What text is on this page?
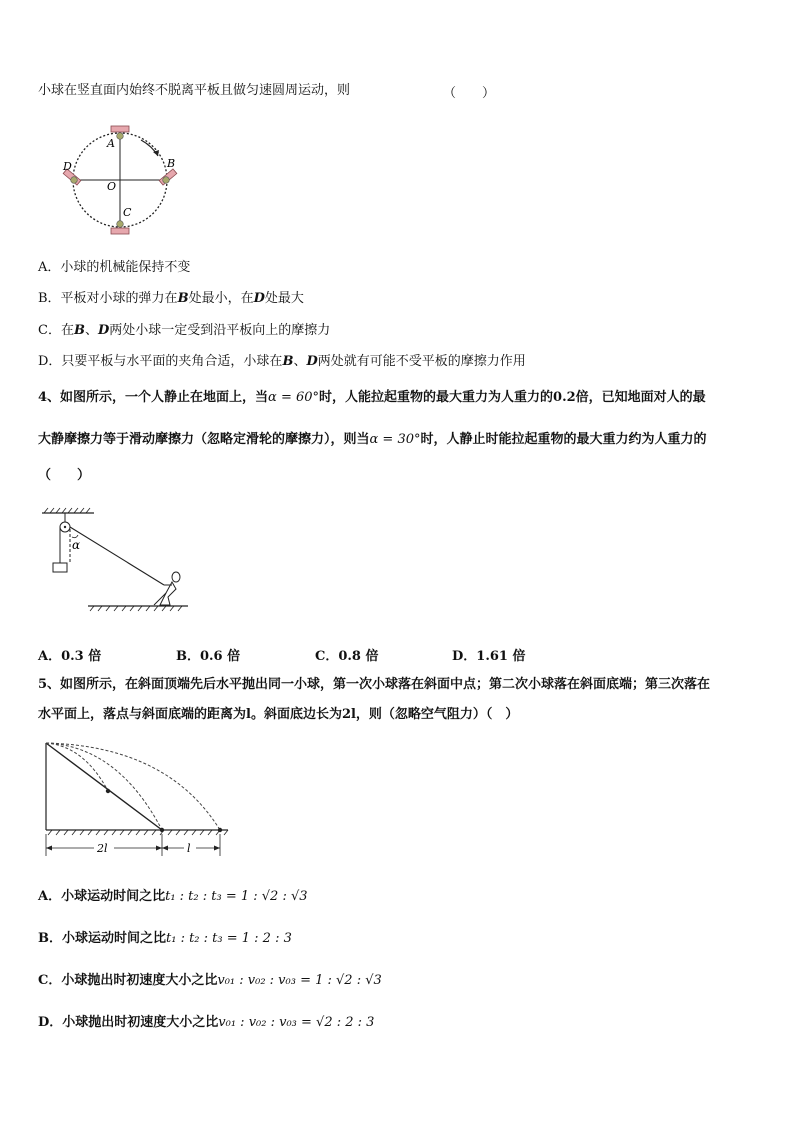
小球在竖直面内始终不脱离平板且做匀速圆周运动，则	（　　）
A
B
C
D
O
A．小球的机械能保持不变
B．平板对小球的弹力在B处最小，在D处最大
C．在B、D两处小球一定受到沿平板向上的摩擦力
D．只要平板与水平面的夹角合适，小球在B、D两处就有可能不受平板的摩擦力作用
4、如图所示，一个人静止在地面上，当α = 60°时，人能拉起重物的最大重力为人重力的0.2倍，已知地面对人的最
大静摩擦力等于滑动摩擦力（忽略定滑轮的摩擦力），则当α = 30°时，人静止时能拉起重物的最大重力约为人重力的
（　　）
α
A．0.3 倍	B．0.6 倍	C．0.8 倍	D．1.61 倍
5、如图所示，在斜面顶端先后水平抛出同一小球，第一次小球落在斜面中点；第二次小球落在斜面底端；第三次落在
水平面上，落点与斜面底端的距离为l。斜面底边长为2l，则（忽略空气阻力）（　）
2l	l
A．小球运动时间之比t₁ : t₂ : t₃ = 1 : √2 : √3
B．小球运动时间之比t₁ : t₂ : t₃ = 1 : 2 : 3
C．小球抛出时初速度大小之比v₀₁ : v₀₂ : v₀₃ = 1 : √2 : √3
D．小球抛出时初速度大小之比v₀₁ : v₀₂ : v₀₃ = √2 : 2 : 3
